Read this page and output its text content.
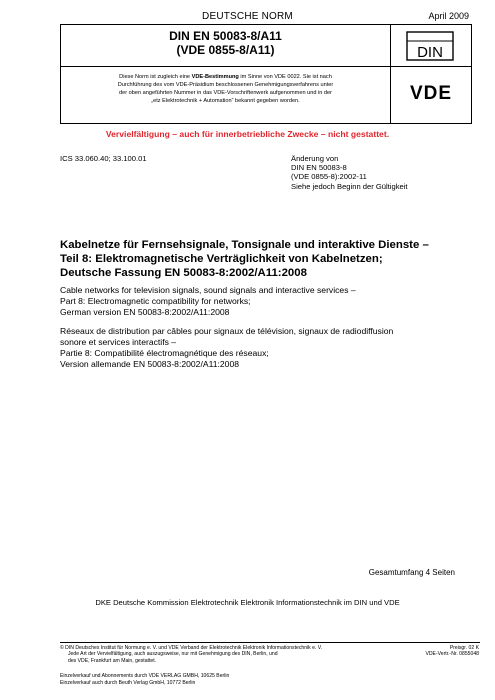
DEUTSCHE NORM	April 2009
DIN EN 50083-8/A11
(VDE 0855-8/A11)	DIN
Diese Norm ist zugleich eine VDE-Bestimmung im Sinne von VDE 0022. Sie ist nach
Durchführung des vom VDE-Präsidium beschlossenen Genehmigungsverfahrens unter
der oben angeführten Nummer in das VDE-Vorschriftenwerk aufgenommen und in der
„etz Elektrotechnik + Automation“ bekannt gegeben worden.	VDE
Vervielfältigung – auch für innerbetriebliche Zwecke – nicht gestattet.
ICS 33.060.40; 33.100.01	Änderung von
DIN EN 50083-8
(VDE 0855-8):2002-11
Siehe jedoch Beginn der Gültigkeit
Kabelnetze für Fernsehsignale, Tonsignale und interaktive Dienste –
Teil 8: Elektromagnetische Verträglichkeit von Kabelnetzen;
Deutsche Fassung EN 50083-8:2002/A11:2008
Cable networks for television signals, sound signals and interactive services –
Part 8: Electromagnetic compatibility for networks;
German version EN 50083-8:2002/A11:2008
Réseaux de distribution par câbles pour signaux de télévision, signaux de radiodiffusion
sonore et services interactifs –
Partie 8: Compatibilité électromagnétique des réseaux;
Version allemande EN 50083-8:2002/A11:2008
Gesamtumfang 4 Seiten
DKE Deutsche Kommission Elektrotechnik Elektronik Informationstechnik im DIN und VDE
© DIN Deutsches Institut für Normung e. V. und VDE Verband der Elektrotechnik Elektronik Informationstechnik e. V.
Jede Art der Vervielfältigung, auch auszugsweise, nur mit Genehmigung des DIN, Berlin, und
des VDE, Frankfurt am Main, gestattet.
Preisgr. 02 K
VDE-Vertr.-Nr. 0855048
Einzelverkauf und Abonnements durch VDE VERLAG GMBH, 10625 Berlin
Einzelverkauf auch durch Beuth Verlag GmbH, 10772 Berlin
